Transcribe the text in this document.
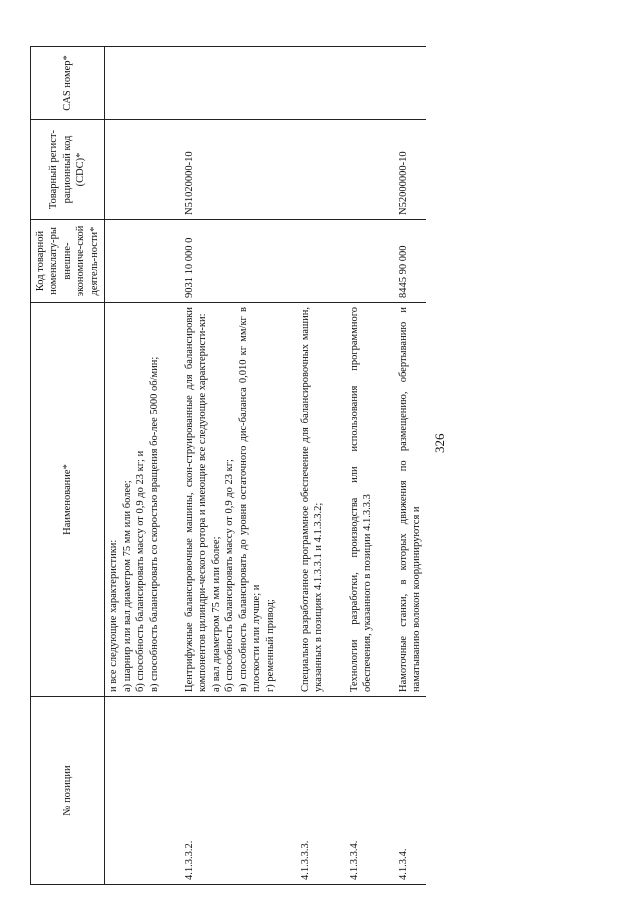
326
№ позиции	Наименование*	Код товарной номенклату-ры внешне-экономиче-ской деятель-ности*	Товарный регист-рационный код (CDC)*	CAS номер*

	и все следующие характеристики: а) шарнир или вал диаметром 75 мм или более; б) способность балансировать массу от 0,9 до 23 кг; и в) способность балансировать со скоростью вращения бо-лее 5000 об/мин;			

4.1.3.3.2.	Центрифужные балансировочные машины, скон-струированные для балансировки компонентов цилиндри-ческого ротора и имеющие все следующие характеристи-ки: а) вал диаметром 75 мм или более; б) способность балансировать массу от 0,9 до 23 кг; в) способность балансировать до уровня остаточного дис-баланса 0,010 кг мм/кг в плоскости или лучше; и г) ременный привод;	9031 10 000 0	N51020000-10	

4.1.3.3.3.	Специально разработанное программное обеспечение для балансировочных машин, указанных в позициях 4.1.3.3.1 и 4.1.3.3.2;			

4.1.3.3.4.	Технологии разработки, производства или использования программного обеспечения, указанного в позиции 4.1.3.3.3			

4.1.3.4.	Намоточные станки, в которых движения по размещению, обертыванию и наматыванию волокон координируются и	8445 90 000	N52000000-10	
